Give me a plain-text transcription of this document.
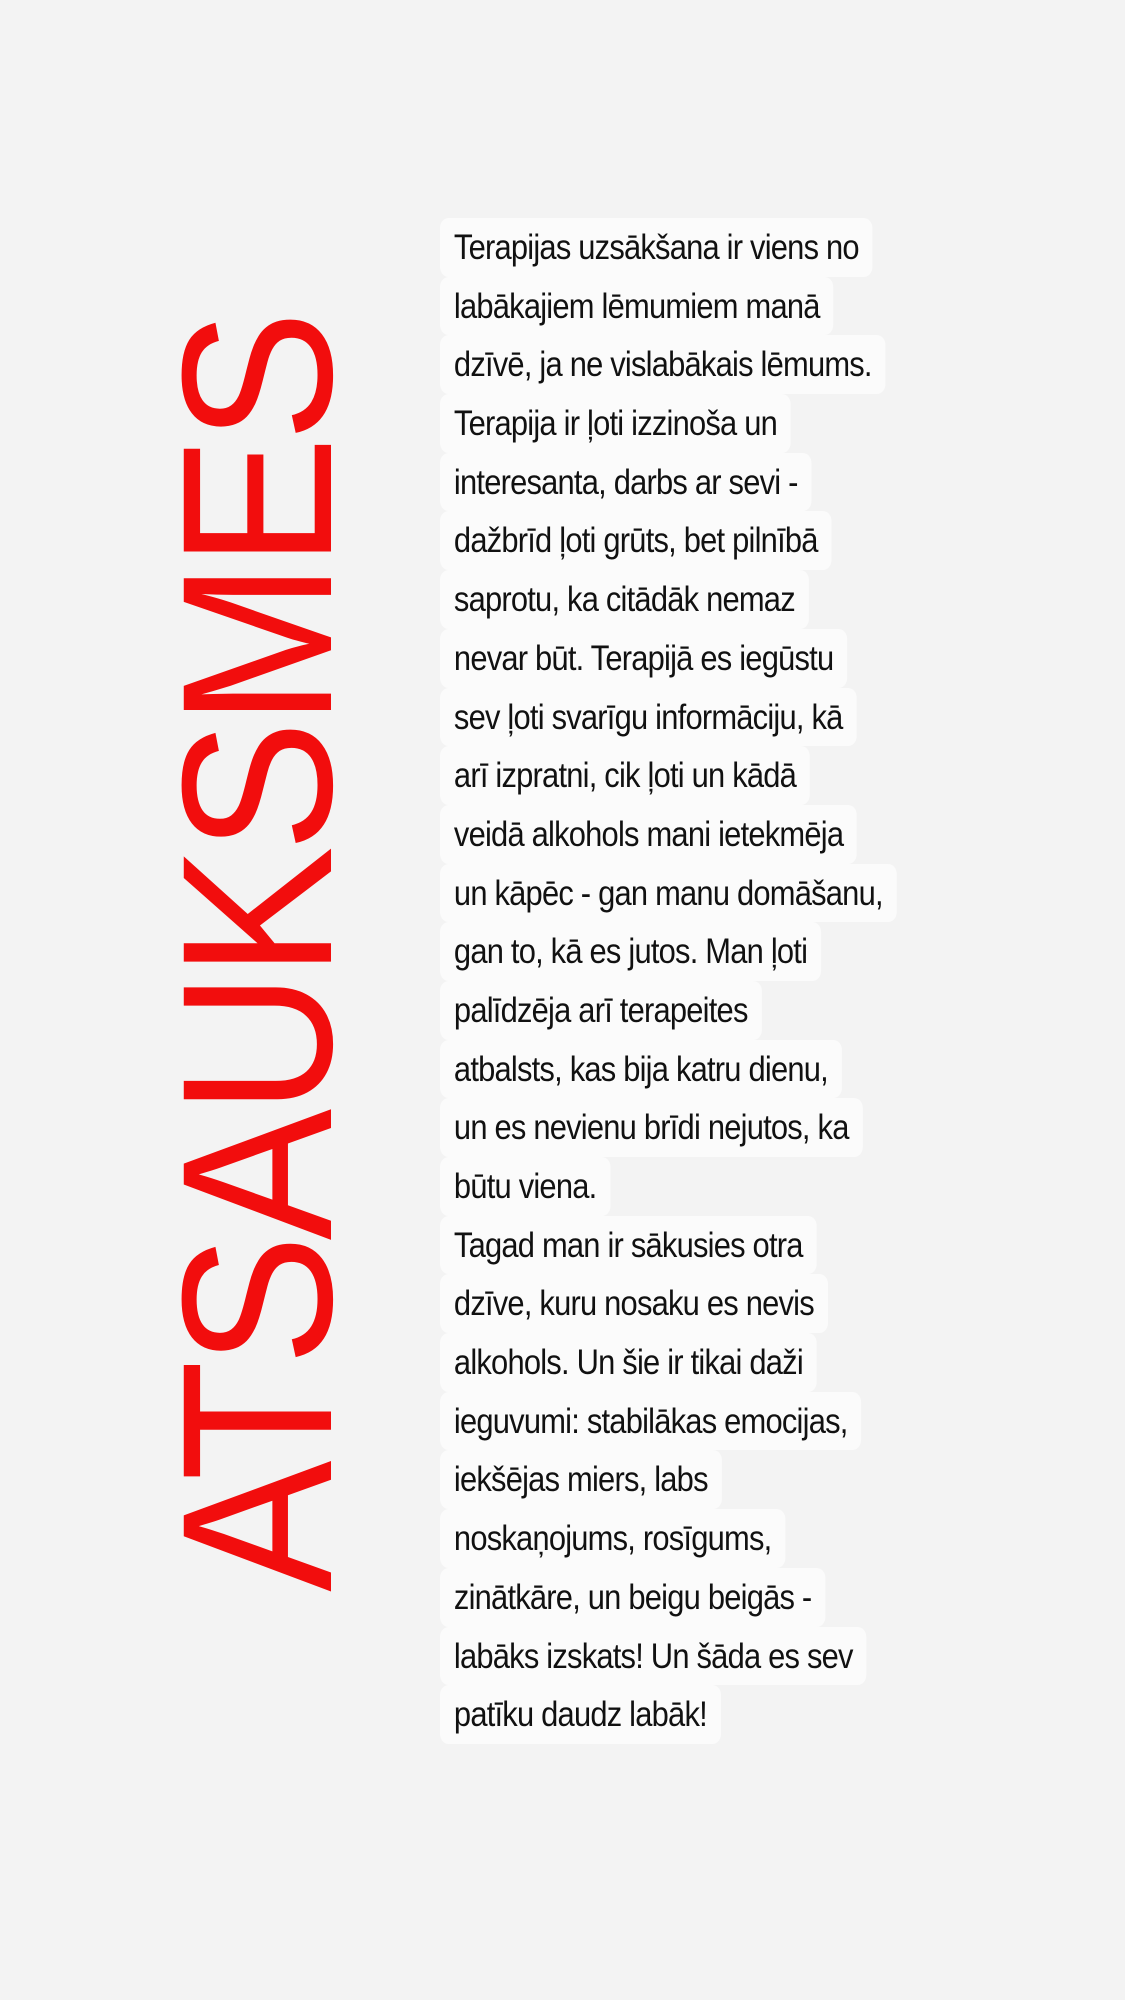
ATSAUKSMES
Terapijas uzsākšana ir viens no
labākajiem lēmumiem manā
dzīvē, ja ne vislabākais lēmums.
Terapija ir ļoti izzinoša un
interesanta, darbs ar sevi -
dažbrīd ļoti grūts, bet pilnībā
saprotu, ka citādāk nemaz
nevar būt. Terapijā es iegūstu
sev ļoti svarīgu informāciju, kā
arī izpratni, cik ļoti un kādā
veidā alkohols mani ietekmēja
un kāpēc - gan manu domāšanu,
gan to, kā es jutos. Man ļoti
palīdzēja arī terapeites
atbalsts, kas bija katru dienu,
un es nevienu brīdi nejutos, ka
būtu viena.
Tagad man ir sākusies otra
dzīve, kuru nosaku es nevis
alkohols. Un šie ir tikai daži
ieguvumi: stabilākas emocijas,
iekšējas miers, labs
noskaņojums, rosīgums,
zinātkāre, un beigu beigās -
labāks izskats! Un šāda es sev
patīku daudz labāk!
